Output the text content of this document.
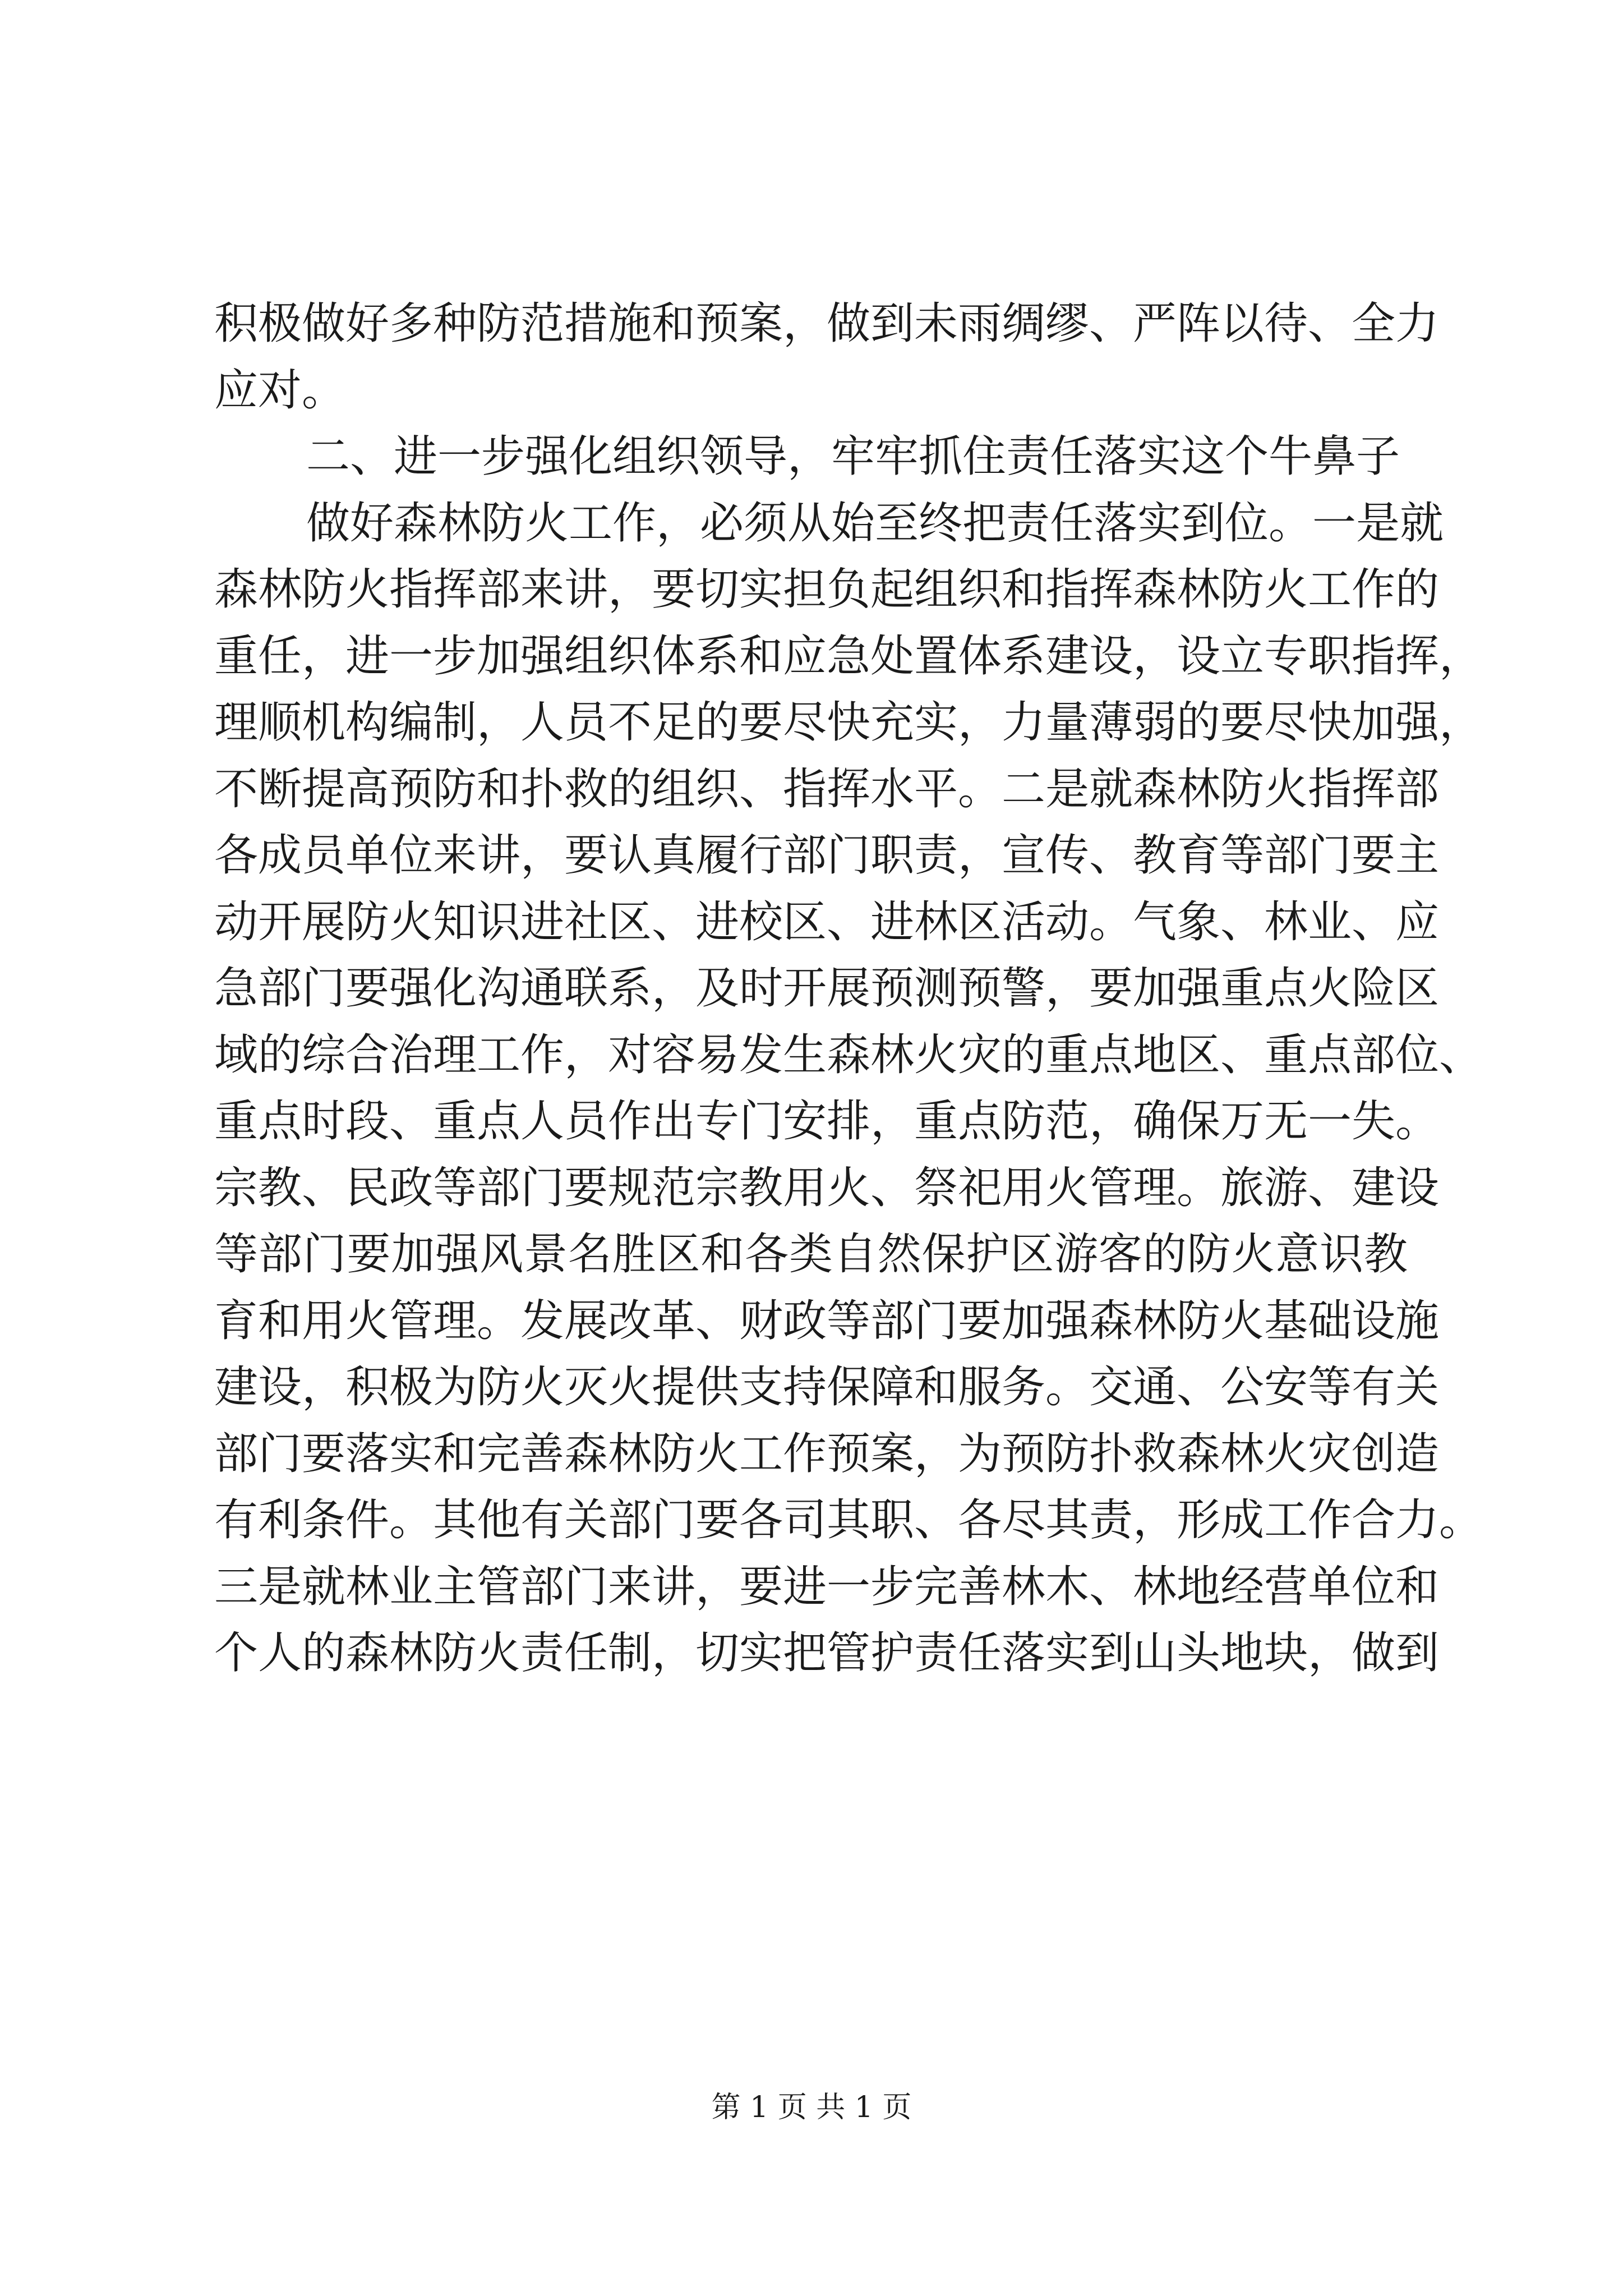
积极做好多种防范措施和预案，做到未雨绸缪、严阵以待、全力
应对。
二、进一步强化组织领导，牢牢抓住责任落实这个牛鼻子
做好森林防火工作，必须从始至终把责任落实到位。一是就
森林防火指挥部来讲，要切实担负起组织和指挥森林防火工作的
重任，进一步加强组织体系和应急处置体系建设，设立专职指挥，
理顺机构编制，人员不足的要尽快充实，力量薄弱的要尽快加强，
不断提高预防和扑救的组织、指挥水平。二是就森林防火指挥部
各成员单位来讲，要认真履行部门职责，宣传、教育等部门要主
动开展防火知识进社区、进校区、进林区活动。气象、林业、应
急部门要强化沟通联系，及时开展预测预警，要加强重点火险区
域的综合治理工作，对容易发生森林火灾的重点地区、重点部位、
重点时段、重点人员作出专门安排，重点防范，确保万无一失。
宗教、民政等部门要规范宗教用火、祭祀用火管理。旅游、建设
等部门要加强风景名胜区和各类自然保护区游客的防火意识教
育和用火管理。发展改革、财政等部门要加强森林防火基础设施
建设，积极为防火灭火提供支持保障和服务。交通、公安等有关
部门要落实和完善森林防火工作预案，为预防扑救森林火灾创造
有利条件。其他有关部门要各司其职、各尽其责，形成工作合力。
三是就林业主管部门来讲，要进一步完善林木、林地经营单位和
个人的森林防火责任制，切实把管护责任落实到山头地块，做到
第 1 页 共 1 页
